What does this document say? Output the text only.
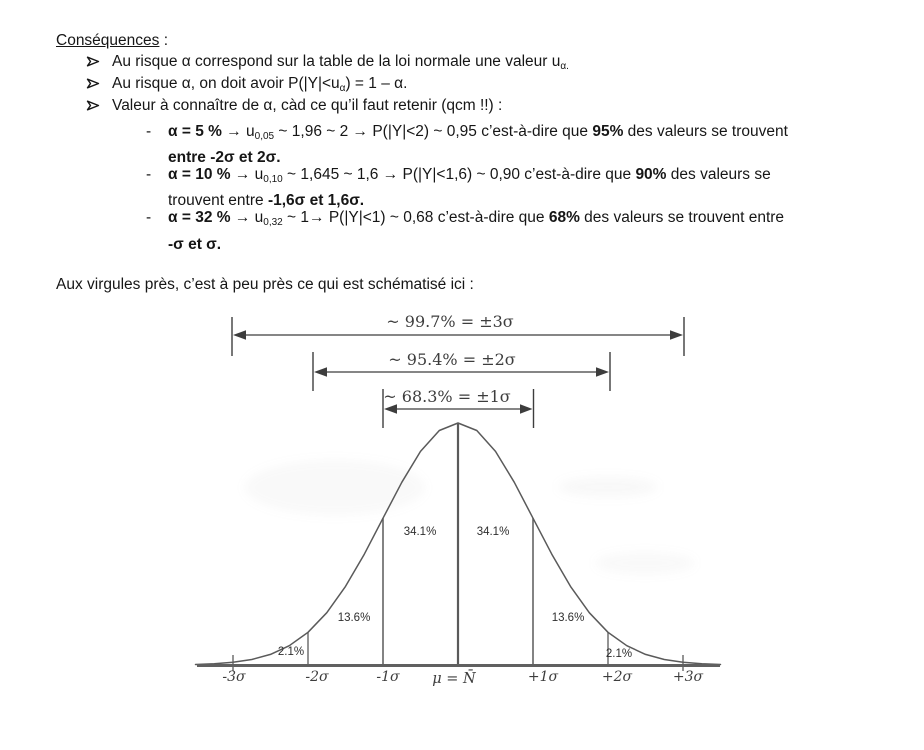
Conséquences :
Au risque α correspond sur la table de la loi normale une valeur $u_{\alpha.}$
Au risque α, on doit avoir $P(|Y|<u_\alpha) = 1 - \alpha$.
Valeur à connaître de α, càd ce qu’il faut retenir (qcm !!) :
- α = 5 % → $u_{0,05}$ ~ 1,96 ~ 2 → P(|Y|<2) ~ 0,95 c’est-à-dire que 95% des valeurs se trouvent
entre -2σ et 2σ.
- α = 10 % → $u_{0,10}$ ~ 1,645 ~ 1,6 → P(|Y|<1,6) ~ 0,90 c’est-à-dire que 90% des valeurs se
trouvent entre -1,6σ et 1,6σ.
- α = 32 % → $u_{0,32}$ ~ 1→ P(|Y|<1) ~ 0,68 c’est-à-dire que 68% des valeurs se trouvent entre
-σ et σ.
Aux virgules près, c’est à peu près ce qui est schématisé ici :
~ 99.7% = ±3σ
~ 95.4% = ±2σ
~ 68.3% = ±1σ
34.1%	34.1%
13.6%	13.6%
2.1%	2.1%
-3σ	-2σ	-1σ μ = N̄	+1σ	+2σ	+3σ
